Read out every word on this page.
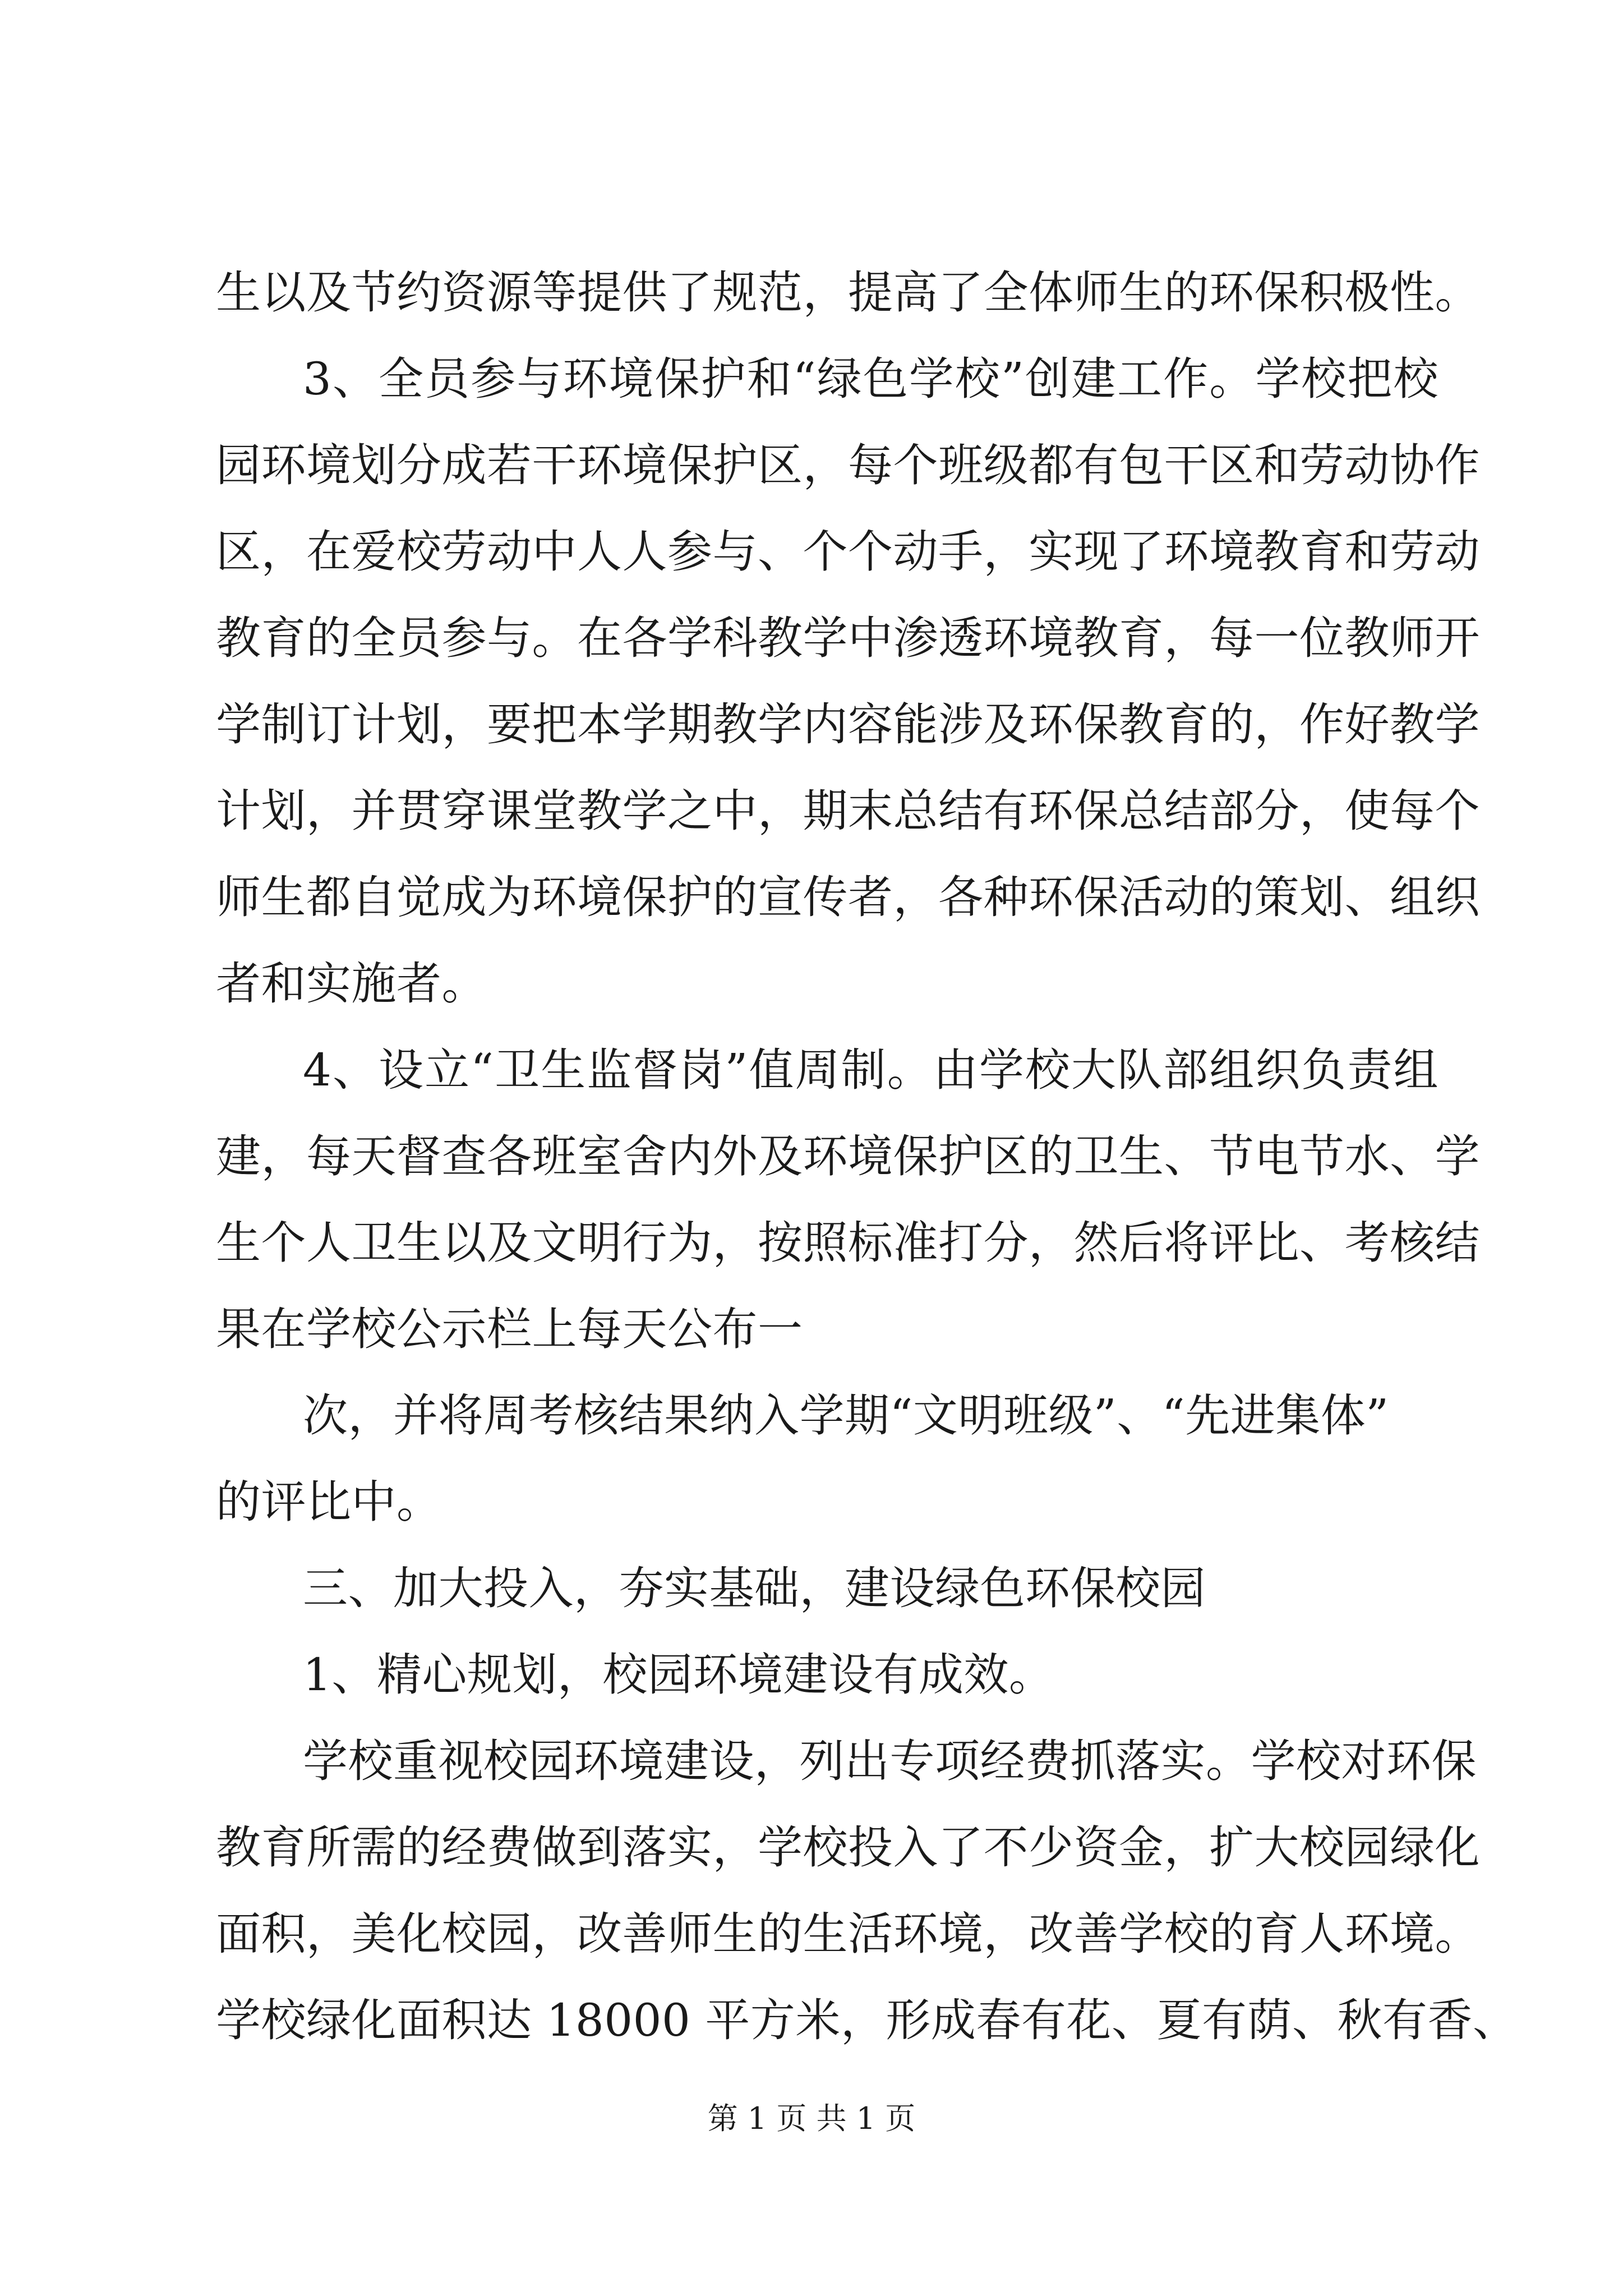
生以及节约资源等提供了规范，提高了全体师生的环保积极性。
3、全员参与环境保护和“绿色学校”创建工作。学校把校
园环境划分成若干环境保护区，每个班级都有包干区和劳动协作
区，在爱校劳动中人人参与、个个动手，实现了环境教育和劳动
教育的全员参与。在各学科教学中渗透环境教育，每一位教师开
学制订计划，要把本学期教学内容能涉及环保教育的，作好教学
计划，并贯穿课堂教学之中，期末总结有环保总结部分，使每个
师生都自觉成为环境保护的宣传者，各种环保活动的策划、组织
者和实施者。
4、设立“卫生监督岗”值周制。由学校大队部组织负责组
建，每天督查各班室舍内外及环境保护区的卫生、节电节水、学
生个人卫生以及文明行为，按照标准打分，然后将评比、考核结
果在学校公示栏上每天公布一
次，并将周考核结果纳入学期“文明班级”、“先进集体”
的评比中。
三、加大投入，夯实基础，建设绿色环保校园
1、精心规划，校园环境建设有成效。
学校重视校园环境建设，列出专项经费抓落实。学校对环保
教育所需的经费做到落实，学校投入了不少资金，扩大校园绿化
面积，美化校园，改善师生的生活环境，改善学校的育人环境。
学校绿化面积达 18000 平方米，形成春有花、夏有荫、秋有香、
第 1 页 共 1 页
